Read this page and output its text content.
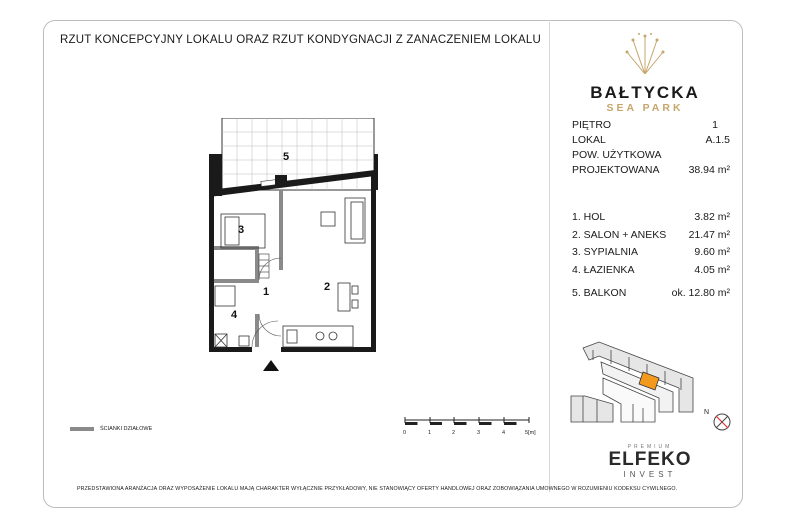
RZUT KONCEPCYJNY LOKALU ORAZ RZUT KONDYGNACJI Z ZANACZENIEM LOKALU
1	2
3
4
5
BAŁTYCKA
SEA PARK
PIĘTRO	1
LOKAL	A.1.5
POW. UŻYTKOWA
PROJEKTOWANA	38.94 m²
1. HOL	3.82 m²
2. SALON + ANEKS 21.47 m²
3. SYPIALNIA	9.60 m²
4. ŁAZIENKA	4.05 m²
5. BALKON	ok. 12.80 m²
N
ŚCIANKI DZIAŁOWE
0	1	2	3	4	5[m]
PRZEDSTAWIONA ARANŻACJA ORAZ WYPOSAŻENIE LOKALU MAJĄ CHARAKTER WYŁĄCZNIE PRZYKŁADOWY, NIE STANOWIĄCY OFERTY HANDLOWEJ ORAZ ZOBOWIĄZANIA UMOWNEGO W ROZUMIENIU KODEKSU CYWILNEGO.
PREMIUM
ELFEKO
INVEST
